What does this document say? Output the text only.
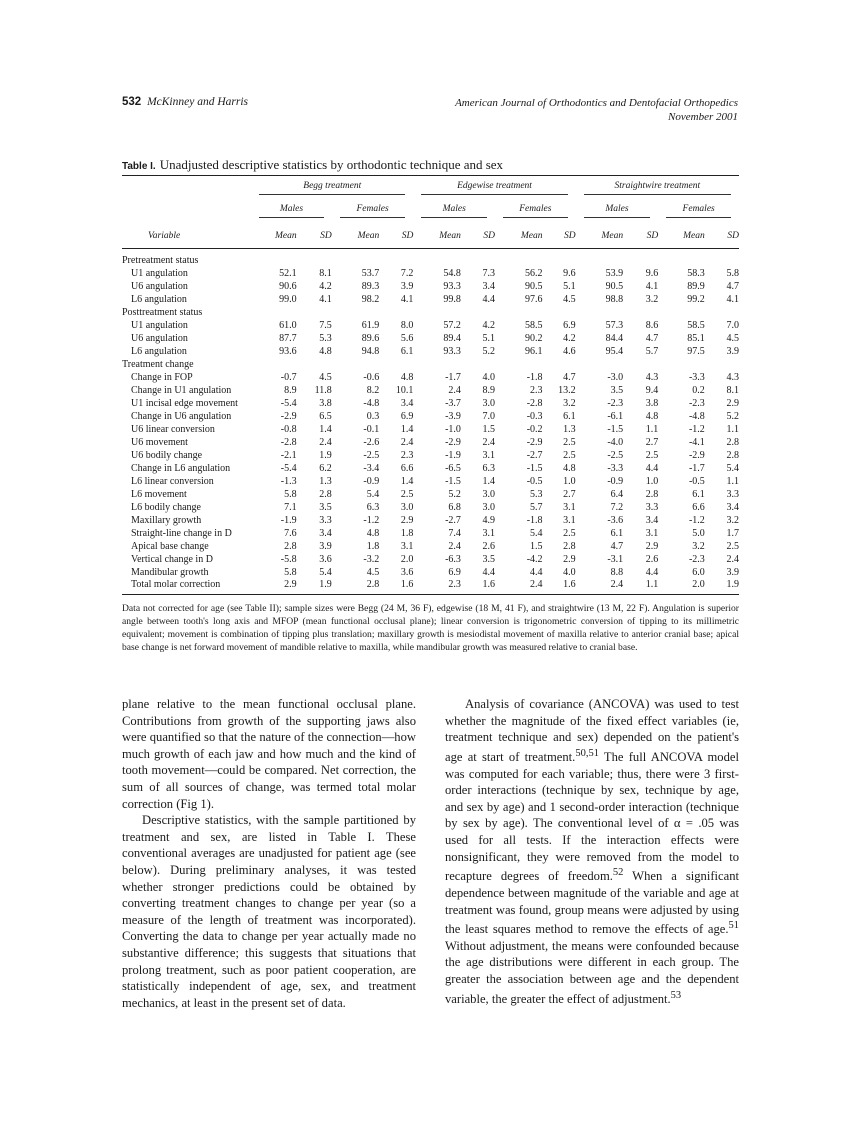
532 McKinney and Harris	American Journal of Orthodontics and Dentofacial Orthopedics
November 2001
Table I. Unadjusted descriptive statistics by orthodontic technique and sex

	Begg treatment				Edgewise treatment				Straightwire treatment			

	Males		Females		Males		Females		Males		Females	

Variable	Mean	SD	Mean	SD	Mean	SD	Mean	SD	Mean	SD	Mean	SD
Pretreatment status												
U1 angulation	52.1	8.1	53.7	7.2	54.8	7.3	56.2	9.6	53.9	9.6	58.3	5.8
U6 angulation	90.6	4.2	89.3	3.9	93.3	3.4	90.5	5.1	90.5	4.1	89.9	4.7
L6 angulation	99.0	4.1	98.2	4.1	99.8	4.4	97.6	4.5	98.8	3.2	99.2	4.1
Posttreatment status												
U1 angulation	61.0	7.5	61.9	8.0	57.2	4.2	58.5	6.9	57.3	8.6	58.5	7.0
U6 angulation	87.7	5.3	89.6	5.6	89.4	5.1	90.2	4.2	84.4	4.7	85.1	4.5
L6 angulation	93.6	4.8	94.8	6.1	93.3	5.2	96.1	4.6	95.4	5.7	97.5	3.9
Treatment change												
Change in FOP	-0.7	4.5	-0.6	4.8	-1.7	4.0	-1.8	4.7	-3.0	4.3	-3.3	4.3
Change in U1 angulation	8.9	11.8	8.2	10.1	2.4	8.9	2.3	13.2	3.5	9.4	0.2	8.1
U1 incisal edge movement	-5.4	3.8	-4.8	3.4	-3.7	3.0	-2.8	3.2	-2.3	3.8	-2.3	2.9
Change in U6 angulation	-2.9	6.5	0.3	6.9	-3.9	7.0	-0.3	6.1	-6.1	4.8	-4.8	5.2
U6 linear conversion	-0.8	1.4	-0.1	1.4	-1.0	1.5	-0.2	1.3	-1.5	1.1	-1.2	1.1
U6 movement	-2.8	2.4	-2.6	2.4	-2.9	2.4	-2.9	2.5	-4.0	2.7	-4.1	2.8
U6 bodily change	-2.1	1.9	-2.5	2.3	-1.9	3.1	-2.7	2.5	-2.5	2.5	-2.9	2.8
Change in L6 angulation	-5.4	6.2	-3.4	6.6	-6.5	6.3	-1.5	4.8	-3.3	4.4	-1.7	5.4
L6 linear conversion	-1.3	1.3	-0.9	1.4	-1.5	1.4	-0.5	1.0	-0.9	1.0	-0.5	1.1
L6 movement	5.8	2.8	5.4	2.5	5.2	3.0	5.3	2.7	6.4	2.8	6.1	3.3
L6 bodily change	7.1	3.5	6.3	3.0	6.8	3.0	5.7	3.1	7.2	3.3	6.6	3.4
Maxillary growth	-1.9	3.3	-1.2	2.9	-2.7	4.9	-1.8	3.1	-3.6	3.4	-1.2	3.2
Straight-line change in D	7.6	3.4	4.8	1.8	7.4	3.1	5.4	2.5	6.1	3.1	5.0	1.7
Apical base change	2.8	3.9	1.8	3.1	2.4	2.6	1.5	2.8	4.7	2.9	3.2	2.5
Vertical change in D	-5.8	3.6	-3.2	2.0	-6.3	3.5	-4.2	2.9	-3.1	2.6	-2.3	2.4
Mandibular growth	5.8	5.4	4.5	3.6	6.9	4.4	4.4	4.0	8.8	4.4	6.0	3.9
Total molar correction	2.9	1.9	2.8	1.6	2.3	1.6	2.4	1.6	2.4	1.1	2.0	1.9
Data not corrected for age (see Table II); sample sizes were Begg (24 M, 36 F), edgewise (18 M, 41 F), and straightwire (13 M, 22 F). Angulation is superior angle between tooth's long axis and MFOP (mean functional occlusal plane); linear conversion is trigonometric conversion of tipping to its millimetric equivalent; movement is combination of tipping plus translation; maxillary growth is mesiodistal movement of maxilla relative to anterior cranial base; apical base change is net forward movement of mandible relative to maxilla, while mandibular growth was measured relative to cranial base.

plane relative to the mean functional occlusal plane. Contributions from growth of the supporting jaws also were quantified so that the nature of the connection—how much growth of each jaw and how much and the kind of tooth movement—could be compared. Net correction, the sum of all sources of change, was termed total molar correction (Fig 1).

Descriptive statistics, with the sample partitioned by treatment and sex, are listed in Table I. These conventional averages are unadjusted for patient age (see below). During preliminary analyses, it was tested whether stronger predictions could be obtained by converting treatment changes to change per year (so a measure of the length of treatment was incorporated). Converting the data to change per year actually made no substantive difference; this suggests that situations that prolong treatment, such as poor patient cooperation, are statistically independent of age, sex, and treatment mechanics, at least in the present set of data.

Analysis of covariance (ANCOVA) was used to test whether the magnitude of the fixed effect variables (ie, treatment technique and sex) depended on the patient's age at start of treatment.$^{50,51}$ The full ANCOVA model was computed for each variable; thus, there were 3 first-order interactions (technique by sex, technique by age, and sex by age) and 1 second-order interaction (technique by sex by age). The conventional level of α = .05 was used for all tests. If the interaction effects were nonsignificant, they were removed from the model to recapture degrees of freedom.$^{52}$ When a significant dependence between magnitude of the variable and age at treatment was found, group means were adjusted by using the least squares method to remove the effects of age.$^{51}$ Without adjustment, the means were confounded because the age distributions were different in each group. The greater the association between age and the dependent variable, the greater the effect of adjustment.$^{53}$
